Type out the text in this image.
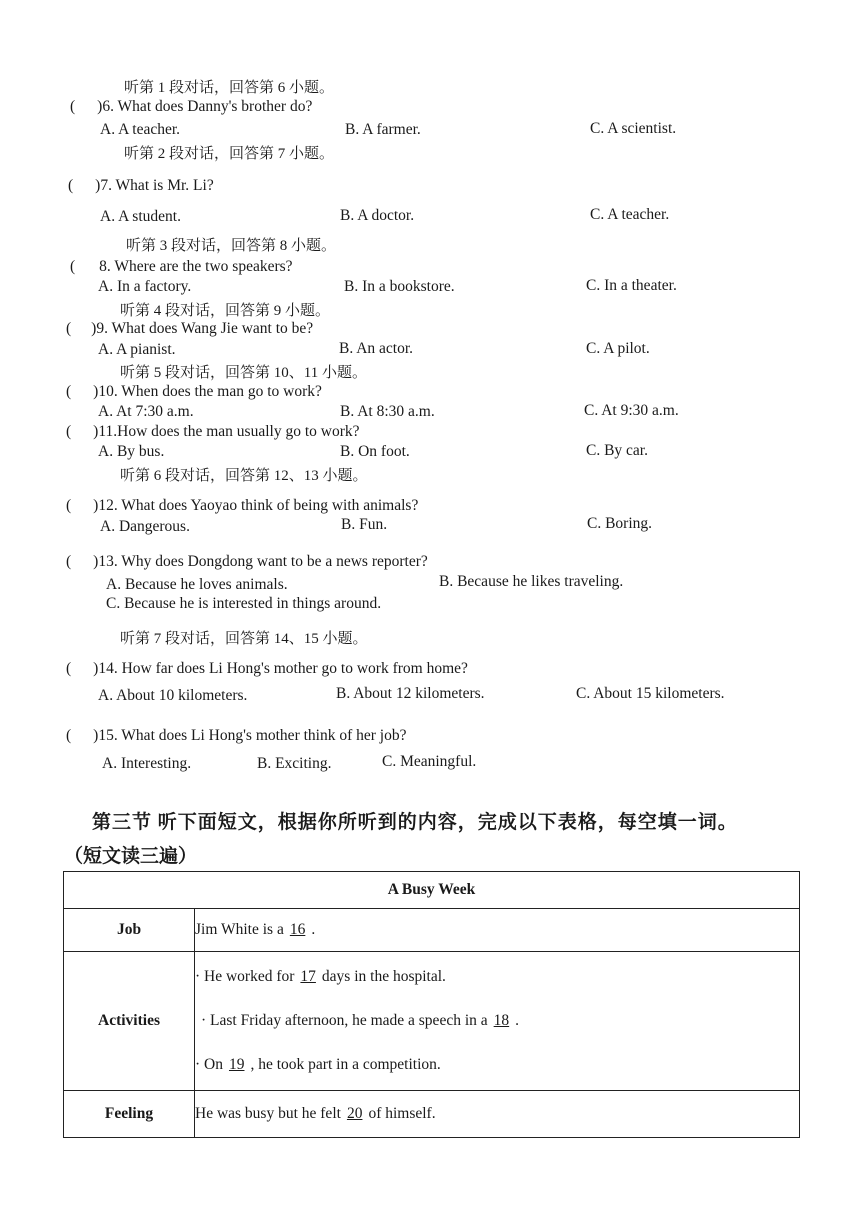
听第 1 段对话，回答第 6 小题。
( )6. What does Danny's brother do?
A. A teacher.	B. A farmer.	C. A scientist.
听第 2 段对话，回答第 7 小题。
( )7. What is Mr. Li?
A. A student.	B. A doctor.	C. A teacher.
听第 3 段对话，回答第 8 小题。
( 8. Where are the two speakers?
A. In a factory.	B. In a bookstore.	C. In a theater.
听第 4 段对话，回答第 9 小题。
( )9. What does Wang Jie want to be?
A. A pianist.	B. An actor.	C. A pilot.
听第 5 段对话，回答第 10、11 小题。
( )10. When does the man go to work?
A. At 7:30 a.m.	B. At 8:30 a.m.	C. At 9:30 a.m.
( )11.How does the man usually go to work?
A. By bus.	B. On foot.	C. By car.
听第 6 段对话，回答第 12、13 小题。
( )12. What does Yaoyao think of being with animals?
A. Dangerous.	B. Fun.	C. Boring.
( )13. Why does Dongdong want to be a news reporter?
A. Because he loves animals.	B. Because he likes traveling.
C. Because he is interested in things around.
听第 7 段对话，回答第 14、15 小题。
( )14. How far does Li Hong's mother go to work from home?
A. About 10 kilometers.	B. About 12 kilometers.	C. About 15 kilometers.
( )15. What does Li Hong's mother think of her job?
A. Interesting.	B. Exciting.	C. Meaningful.
第三节 听下面短文，根据你所听到的内容，完成以下表格，每空填一词。
（短文读三遍）
A Busy Week	
Job	Jim White is a 16 .
Activities	· He worked for 17 days in the hospital.
· Last Friday afternoon, he made a speech in a 18 .
· On 19 , he took part in a competition.

Feeling	He was busy but he felt 20 of himself.
